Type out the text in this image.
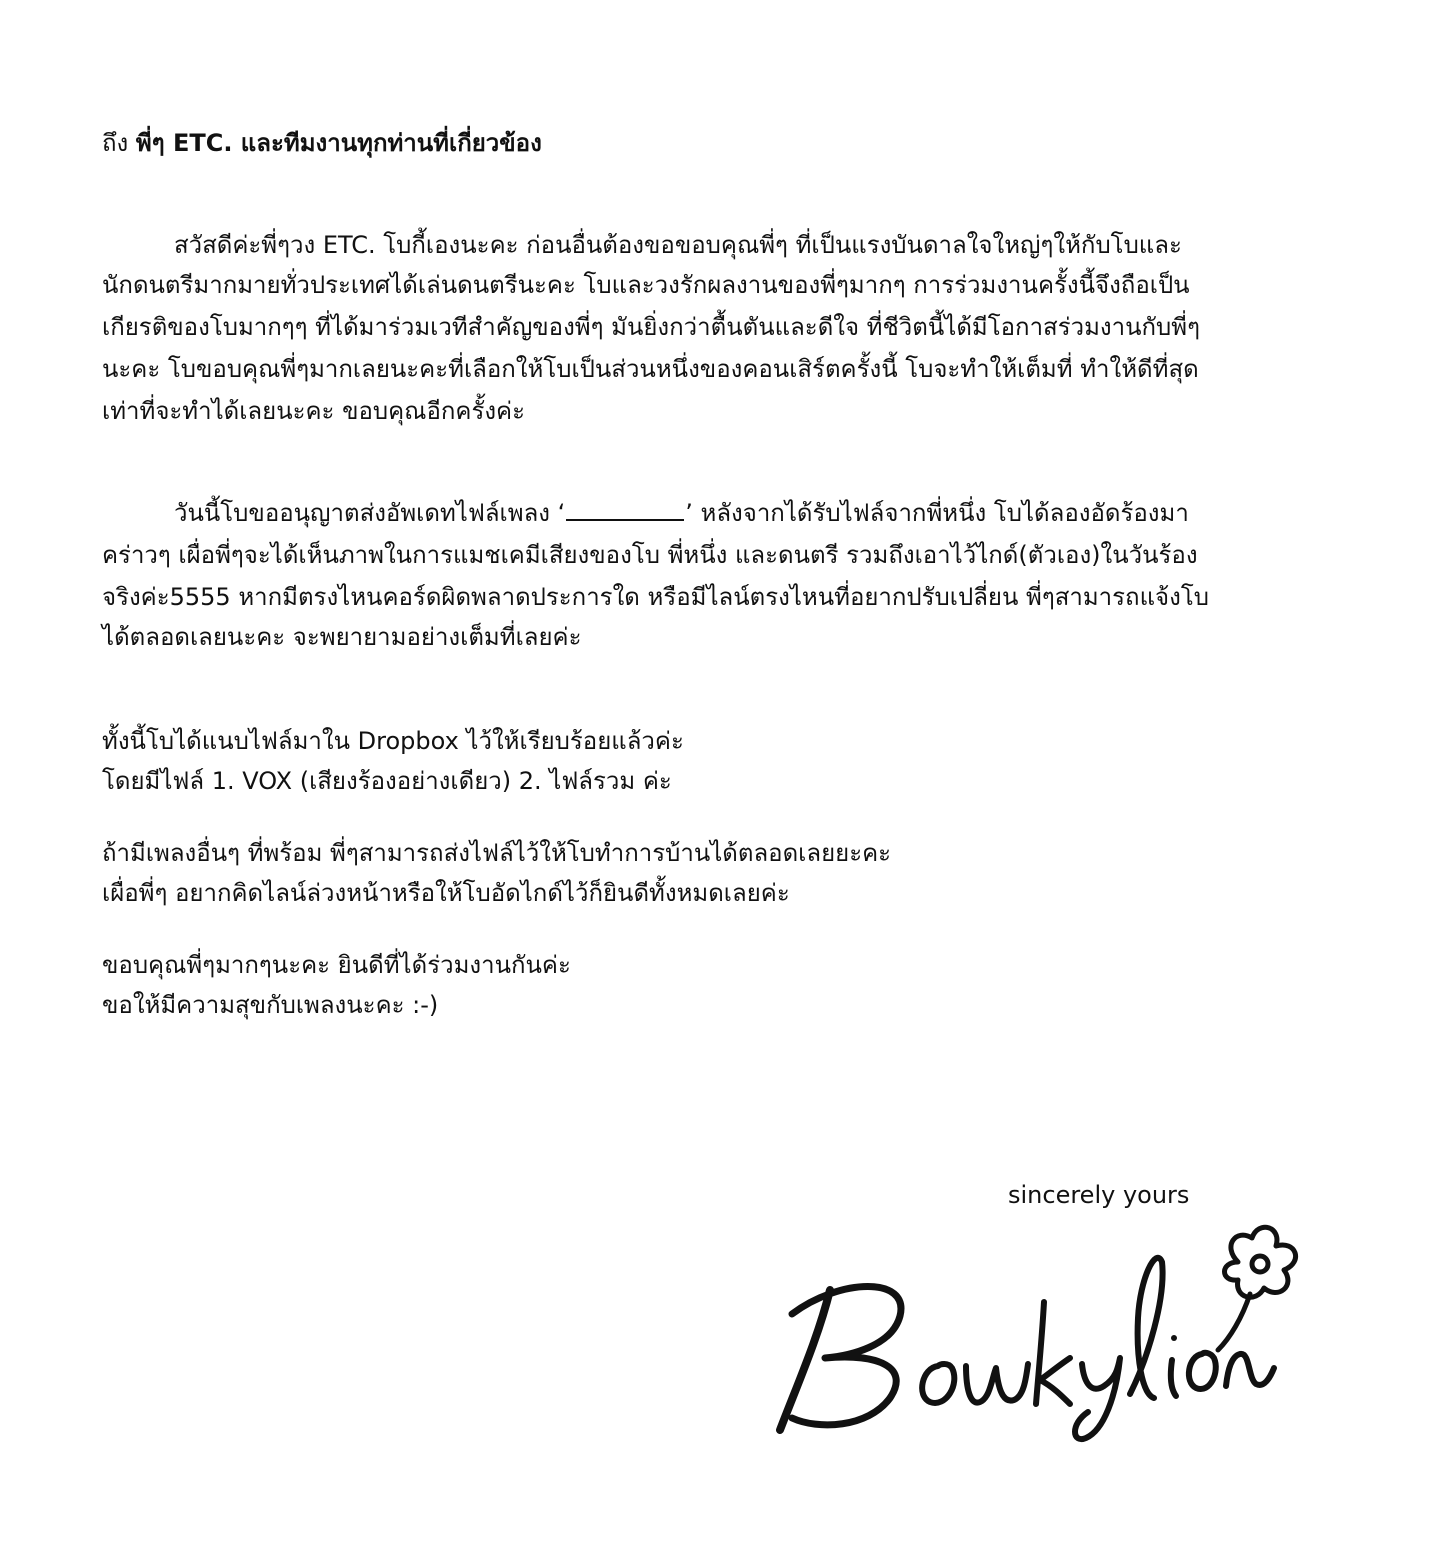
ถึง พี่ๆ ETC. และทีมงานทุกท่านที่เกี่ยวข้อง
สวัสดีค่ะพี่ๆวง ETC. โบกี้เองนะคะ ก่อนอื่นต้องขอขอบคุณพี่ๆ ที่เป็นแรงบันดาลใจใหญ่ๆให้กับโบและ
นักดนตรีมากมายทั่วประเทศได้เล่นดนตรีนะคะ โบและวงรักผลงานของพี่ๆมากๆ การร่วมงานครั้งนี้จึงถือเป็น
เกียรติของโบมากๆๆ ที่ได้มาร่วมเวทีสำคัญของพี่ๆ มันยิ่งกว่าตื้นตันและดีใจ ที่ชีวิตนี้ได้มีโอกาสร่วมงานกับพี่ๆ
นะคะ โบขอบคุณพี่ๆมากเลยนะคะที่เลือกให้โบเป็นส่วนหนึ่งของคอนเสิร์ตครั้งนี้ โบจะทำให้เต็มที่ ทำให้ดีที่สุด
เท่าที่จะทำได้เลยนะคะ ขอบคุณอีกครั้งค่ะ
วันนี้โบขออนุญาตส่งอัพเดทไฟล์เพลง ‘	’ หลังจากได้รับไฟล์จากพี่หนึ่ง โบได้ลองอัดร้องมา
คร่าวๆ เผื่อพี่ๆจะได้เห็นภาพในการแมชเคมีเสียงของโบ พี่หนึ่ง และดนตรี รวมถึงเอาไว้ไกด์(ตัวเอง)ในวันร้อง
จริงค่ะ5555 หากมีตรงไหนคอร์ดผิดพลาดประการใด หรือมีไลน์ตรงไหนที่อยากปรับเปลี่ยน พี่ๆสามารถแจ้งโบ
ได้ตลอดเลยนะคะ จะพยายามอย่างเต็มที่เลยค่ะ
ทั้งนี้โบได้แนบไฟล์มาใน Dropbox ไว้ให้เรียบร้อยแล้วค่ะ
โดยมีไฟล์ 1. VOX (เสียงร้องอย่างเดียว) 2. ไฟล์รวม ค่ะ
ถ้ามีเพลงอื่นๆ ที่พร้อม พี่ๆสามารถส่งไฟล์ไว้ให้โบทำการบ้านได้ตลอดเลยยะคะ
เผื่อพี่ๆ อยากคิดไลน์ล่วงหน้าหรือให้โบอัดไกด์ไว้ก็ยินดีทั้งหมดเลยค่ะ
ขอบคุณพี่ๆมากๆนะคะ ยินดีที่ได้ร่วมงานกันค่ะ
ขอให้มีความสุขกับเพลงนะคะ :-)
sincerely yours
